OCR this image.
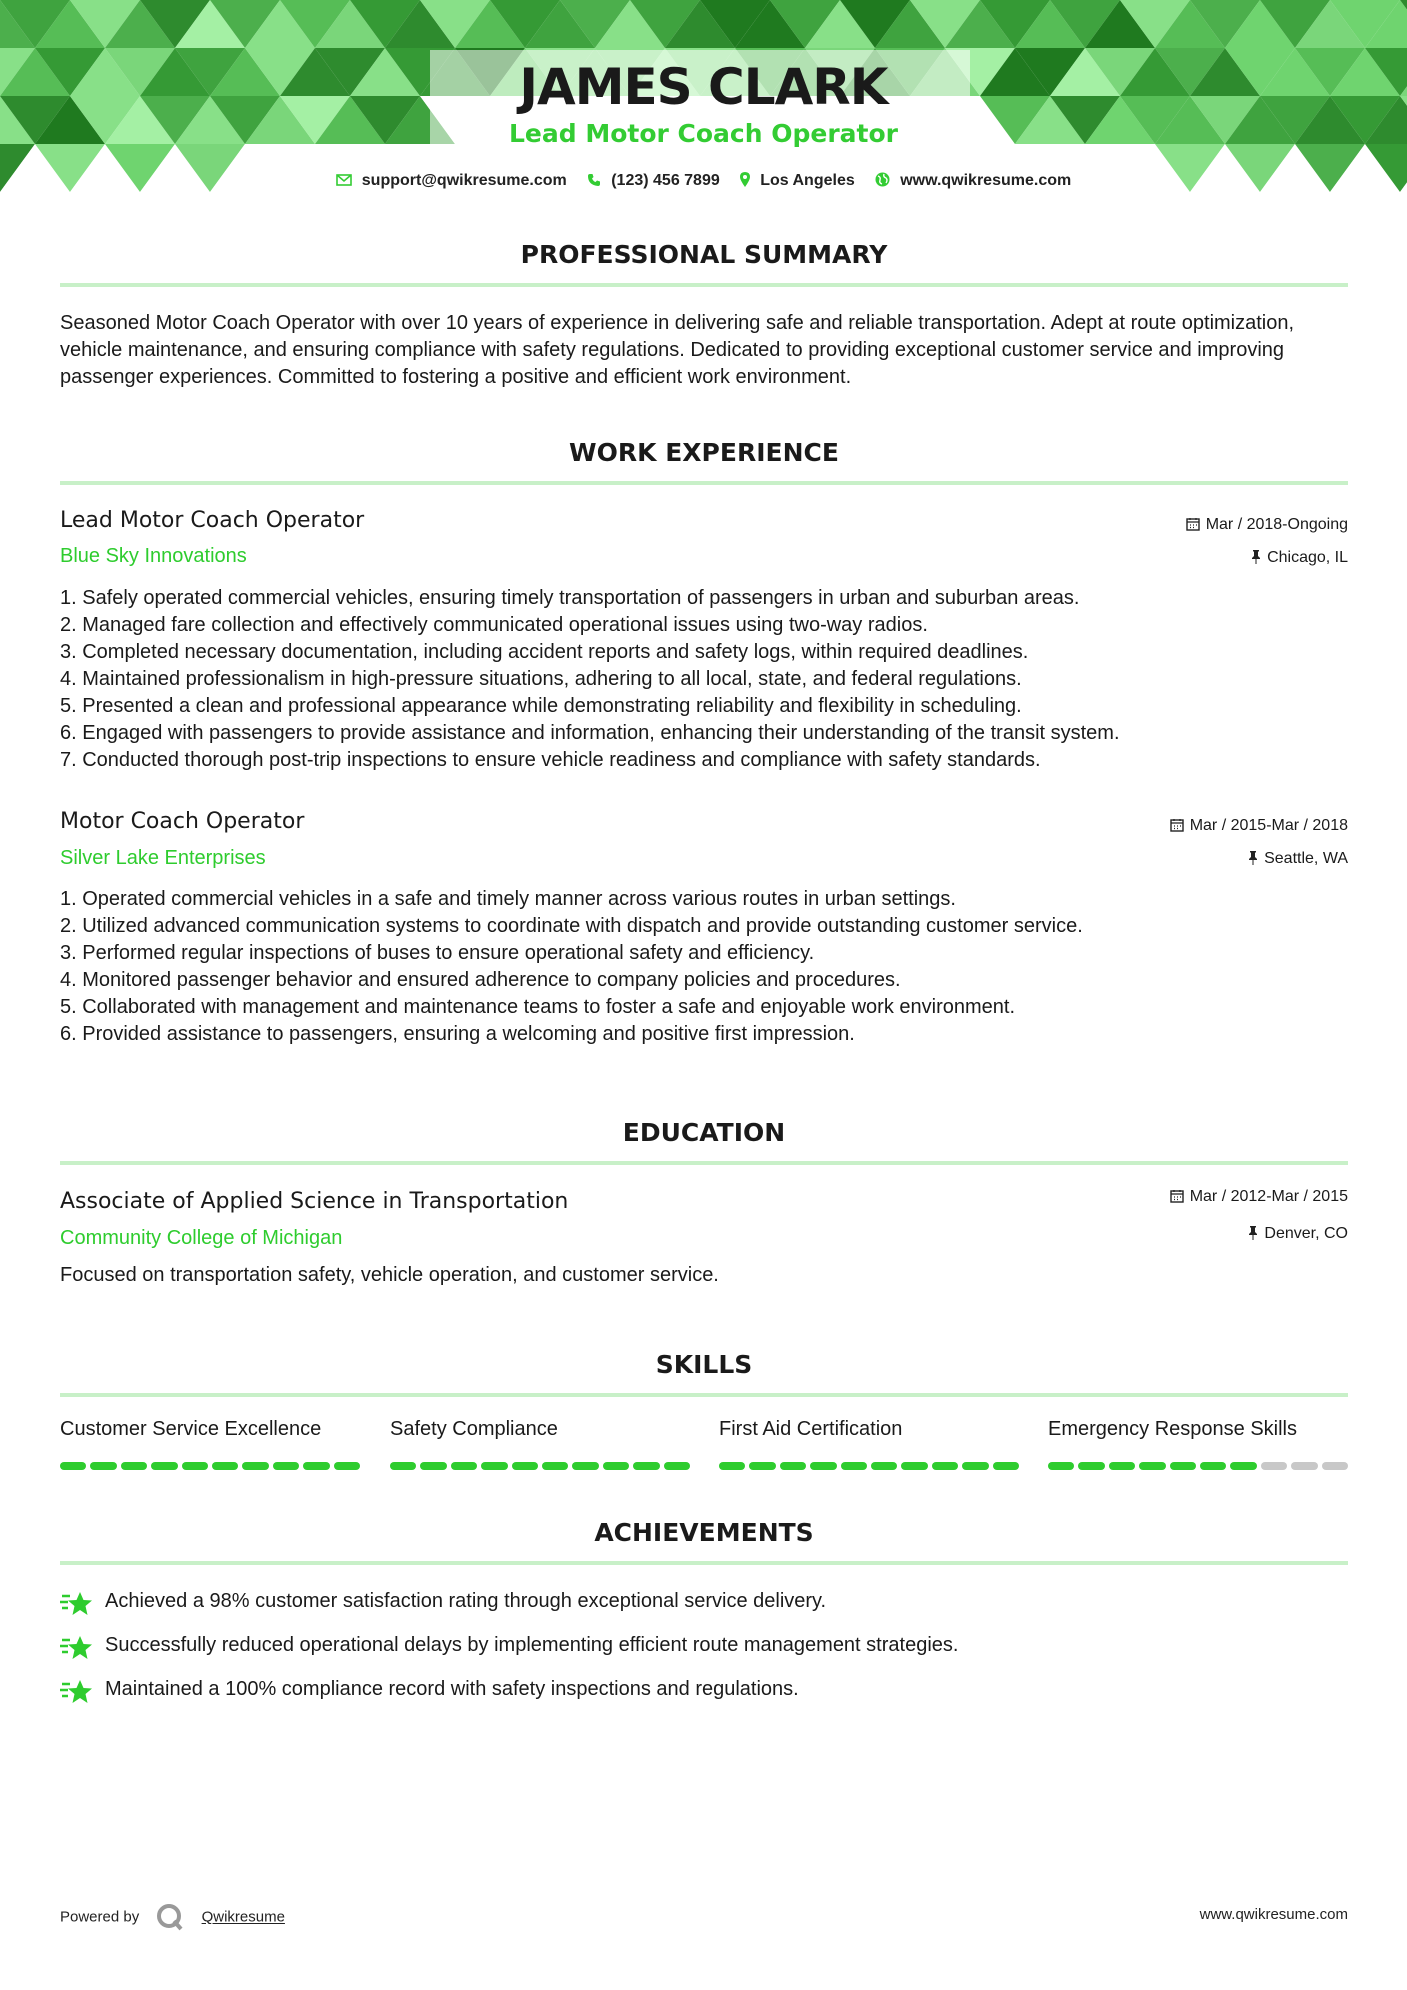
JAMES CLARK
Lead Motor Coach Operator
support@qwikresume.com	(123) 456 7899	Los Angeles	www.qwikresume.com
PROFESSIONAL SUMMARY
Seasoned Motor Coach Operator with over 10 years of experience in delivering safe and reliable transportation. Adept at route optimization, vehicle maintenance, and ensuring compliance with safety regulations. Dedicated to providing exceptional customer service and improving passenger experiences. Committed to fostering a positive and efficient work environment.
WORK EXPERIENCE
Lead Motor Coach Operator
Blue Sky Innovations
Mar / 2018-Ongoing
Chicago, IL
1. Safely operated commercial vehicles, ensuring timely transportation of passengers in urban and suburban areas.
2. Managed fare collection and effectively communicated operational issues using two-way radios.
3. Completed necessary documentation, including accident reports and safety logs, within required deadlines.
4. Maintained professionalism in high-pressure situations, adhering to all local, state, and federal regulations.
5. Presented a clean and professional appearance while demonstrating reliability and flexibility in scheduling.
6. Engaged with passengers to provide assistance and information, enhancing their understanding of the transit system.
7. Conducted thorough post-trip inspections to ensure vehicle readiness and compliance with safety standards.
Motor Coach Operator
Silver Lake Enterprises
Mar / 2015-Mar / 2018
Seattle, WA
1. Operated commercial vehicles in a safe and timely manner across various routes in urban settings.
2. Utilized advanced communication systems to coordinate with dispatch and provide outstanding customer service.
3. Performed regular inspections of buses to ensure operational safety and efficiency.
4. Monitored passenger behavior and ensured adherence to company policies and procedures.
5. Collaborated with management and maintenance teams to foster a safe and enjoyable work environment.
6. Provided assistance to passengers, ensuring a welcoming and positive first impression.
EDUCATION
Associate of Applied Science in Transportation
Community College of Michigan
Mar / 2012-Mar / 2015
Denver, CO
Focused on transportation safety, vehicle operation, and customer service.
SKILLS
Customer Service Excellence	Safety Compliance	First Aid Certification	Emergency Response Skills
ACHIEVEMENTS
Achieved a 98% customer satisfaction rating through exceptional service delivery.
Successfully reduced operational delays by implementing efficient route management strategies.
Maintained a 100% compliance record with safety inspections and regulations.
Powered by	Qwikresume	www.qwikresume.com
